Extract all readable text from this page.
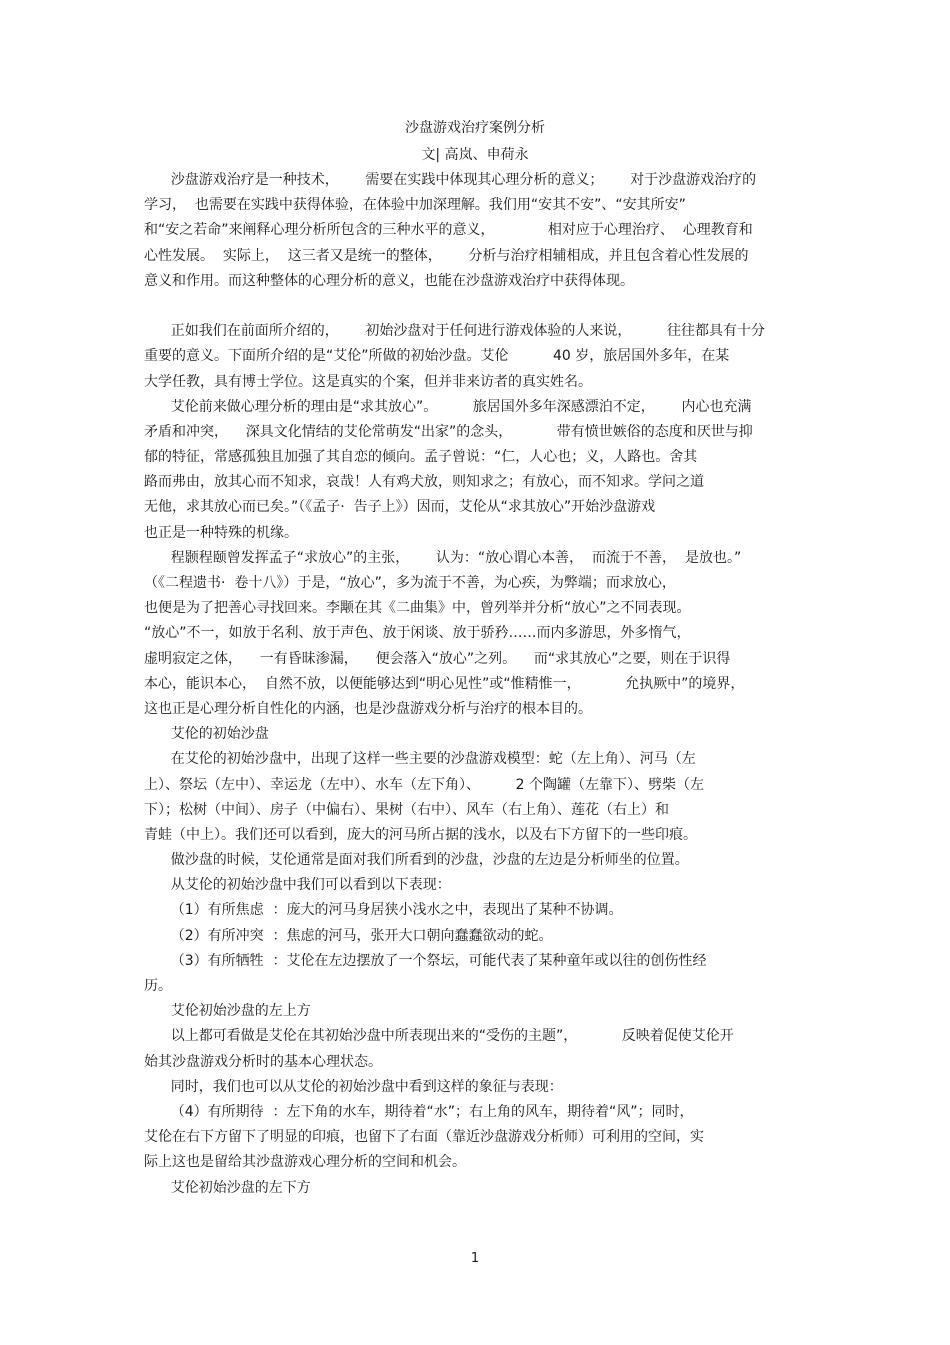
沙盘游戏治疗案例分析
文| 高岚、申荷永
沙盘游戏治疗是一种技术，      需要在实践中体现其心理分析的意义；      对于沙盘游戏治疗的
学习，  也需要在实践中获得体验，在体验中加深理解。我们用“安其不安”、“安其所安”
和“安之若命”来阐释心理分析所包含的三种水平的意义，            相对应于心理治疗、  心理教育和
心性发展。  实际上，  这三者又是统一的整体，      分析与治疗相辅相成，并且包含着心性发展的
意义和作用。而这种整体的心理分析的意义，也能在沙盘游戏治疗中获得体现。
正如我们在前面所介绍的，      初始沙盘对于任何进行游戏体验的人来说，        往往都具有十分
重要的意义。下面所介绍的是“艾伦”所做的初始沙盘。艾伦          40 岁，旅居国外多年，在某
大学任教，具有博士学位。这是真实的个案，但并非来访者的真实姓名。
艾伦前来做心理分析的理由是“求其放心”。        旅居国外多年深感漂泊不定，      内心也充满
矛盾和冲突，    深具文化情结的艾伦常萌发“出家”的念头，          带有愤世嫉俗的态度和厌世与抑
郁的特征，常感孤独且加强了其自恋的倾向。孟子曾说：“仁，人心也；义，人路也。舍其
路而弗由，放其心而不知求，哀哉！人有鸡犬放，则知求之；有放心，而不知求。学问之道
无他，求其放心而已矣。”（《孟子·  告子上》）因而，艾伦从“求其放心”开始沙盘游戏
也正是一种特殊的机缘。
程颢程颐曾发挥孟子“求放心”的主张，      认为：“放心谓心本善，  而流于不善，  是放也。”
（《二程遗书·  卷十八》）于是，“放心”，多为流于不善，为心疾，为弊端；而求放心，
也便是为了把善心寻找回来。李颙在其《二曲集》中，曾列举并分析“放心”之不同表现。
“放心”不一，如放于名利、放于声色、放于闲谈、放于骄矜……而内多游思，外多惰气，
虚明寂定之体，    一有昏昧渗漏，    便会落入“放心”之列。    而“求其放心”之要，则在于识得
本心，能识本心，  自然不放，以便能够达到“明心见性”或“惟精惟一，          允执厥中”的境界，
这也正是心理分析自性化的内涵，也是沙盘游戏分析与治疗的根本目的。
艾伦的初始沙盘
在艾伦的初始沙盘中，出现了这样一些主要的沙盘游戏模型：蛇（左上角）、河马（左
上）、祭坛（左中）、幸运龙（左中）、水车（左下角）、        2 个陶罐（左靠下）、劈柴（左
下）；松树（中间）、房子（中偏右）、果树（右中）、风车（右上角）、莲花（右上）和
青蛙（中上）。我们还可以看到，庞大的河马所占据的浅水，以及右下方留下的一些印痕。
做沙盘的时候，艾伦通常是面对我们所看到的沙盘，沙盘的左边是分析师坐的位置。
从艾伦的初始沙盘中我们可以看到以下表现：
（1）有所焦虑  ：庞大的河马身居狭小浅水之中，表现出了某种不协调。
（2）有所冲突  ：焦虑的河马，张开大口朝向蠢蠢欲动的蛇。
（3）有所牺牲  ：艾伦在左边摆放了一个祭坛，可能代表了某种童年或以往的创伤性经
历。
艾伦初始沙盘的左上方
以上都可看做是艾伦在其初始沙盘中所表现出来的“受伤的主题”，          反映着促使艾伦开
始其沙盘游戏分析时的基本心理状态。
同时，我们也可以从艾伦的初始沙盘中看到这样的象征与表现：
（4）有所期待  ：左下角的水车，期待着“水”；右上角的风车，期待着“风”；同时，
艾伦在右下方留下了明显的印痕，也留下了右面（靠近沙盘游戏分析师）可利用的空间，实
际上这也是留给其沙盘游戏心理分析的空间和机会。
艾伦初始沙盘的左下方
1
